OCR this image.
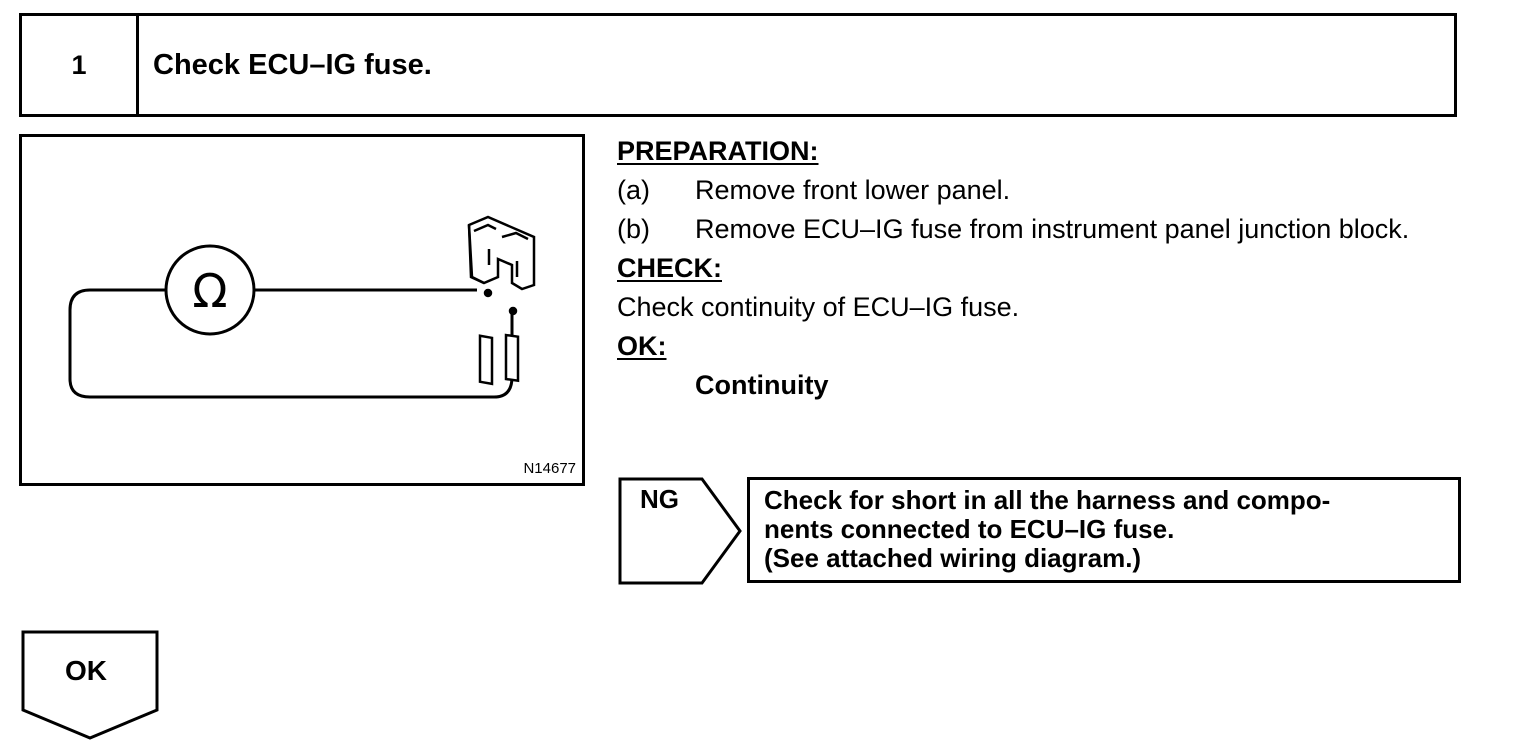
1	Check ECU–IG fuse.
Ω
N14677
PREPARATION:
(a)	Remove front lower panel.
(b)	Remove ECU–IG fuse from instrument panel junction block.
CHECK:
Check continuity of ECU–IG fuse.
OK:
Continuity
NG	Check for short in all the harness and compo-
nents connected to ECU–IG fuse.
(See attached wiring diagram.)
OK
